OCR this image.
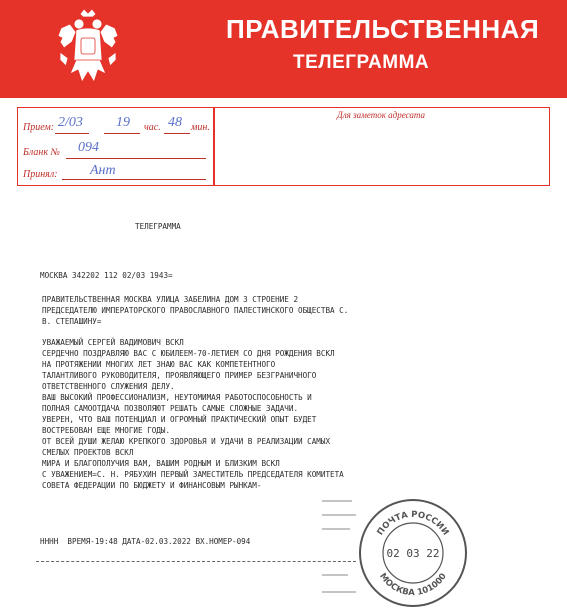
ПРАВИТЕЛЬСТВЕННАЯ
ТЕЛЕГРАММА
Прием: 2/03 19 час. 48 мин.
Бланк № 094
Принял: Ант
Для заметок адресата
ТЕЛЕГРАММА
МОСКВА 342202 112 02/03 1943=
ПРАВИТЕЛЬСТВЕННАЯ МОСКВА УЛИЦА ЗАБЕЛИНА ДОМ 3 СТРОЕНИЕ 2
ПРЕДСЕДАТЕЛЮ ИМПЕРАТОРСКОГО ПРАВОСЛАВНОГО ПАЛЕСТИНСКОГО ОБЩЕСТВА С.
В. СТЕПАШИНУ=
УВАЖАЕМЫЙ СЕРГЕЙ ВАДИМОВИЧ ВСКЛ
СЕРДЕЧНО ПОЗДРАВЛЯЮ ВАС С ЮБИЛЕЕМ-70-ЛЕТИЕМ СО ДНЯ РОЖДЕНИЯ ВСКЛ
НА ПРОТЯЖЕНИИ МНОГИХ ЛЕТ ЗНАЮ ВАС КАК КОМПЕТЕНТНОГО
ТАЛАНТЛИВОГО РУКОВОДИТЕЛЯ, ПРОЯВЛЯЮЩЕГО ПРИМЕР БЕЗГРАНИЧНОГО
ОТВЕТСТВЕННОГО СЛУЖЕНИЯ ДЕЛУ.
ВАШ ВЫСОКИЙ ПРОФЕССИОНАЛИЗМ, НЕУТОМИМАЯ РАБОТОСПОСОБНОСТЬ И
ПОЛНАЯ САМООТДАЧА ПОЗВОЛЯЮТ РЕШАТЬ САМЫЕ СЛОЖНЫЕ ЗАДАЧИ.
УВЕРЕН, ЧТО ВАШ ПОТЕНЦИАЛ И ОГРОМНЫЙ ПРАКТИЧЕСКИЙ ОПЫТ БУДЕТ
ВОСТРЕБОВАН ЕЩЕ МНОГИЕ ГОДЫ.
ОТ ВСЕЙ ДУШИ ЖЕЛАЮ КРЕПКОГО ЗДОРОВЬЯ И УДАЧИ В РЕАЛИЗАЦИИ САМЫХ
СМЕЛЫХ ПРОЕКТОВ ВСКЛ
МИРА И БЛАГОПОЛУЧИЯ ВАМ, ВАШИМ РОДНЫМ И БЛИЗКИМ ВСКЛ
С УВАЖЕНИЕМ=С. Н. РЯБУХИН ПЕРВЫЙ ЗАМЕСТИТЕЛЬ ПРЕДСЕДАТЕЛЯ КОМИТЕТА
СОВЕТА ФЕДЕРАЦИИ ПО БЮДЖЕТУ И ФИНАНСОВЫМ РЫНКАМ-
НННН  ВРЕМЯ-19:48 ДАТА-02.03.2022 ВХ.НОМЕР-094
ПОЧТА РОССИИ
МОСКВА 101000
02 03 22
